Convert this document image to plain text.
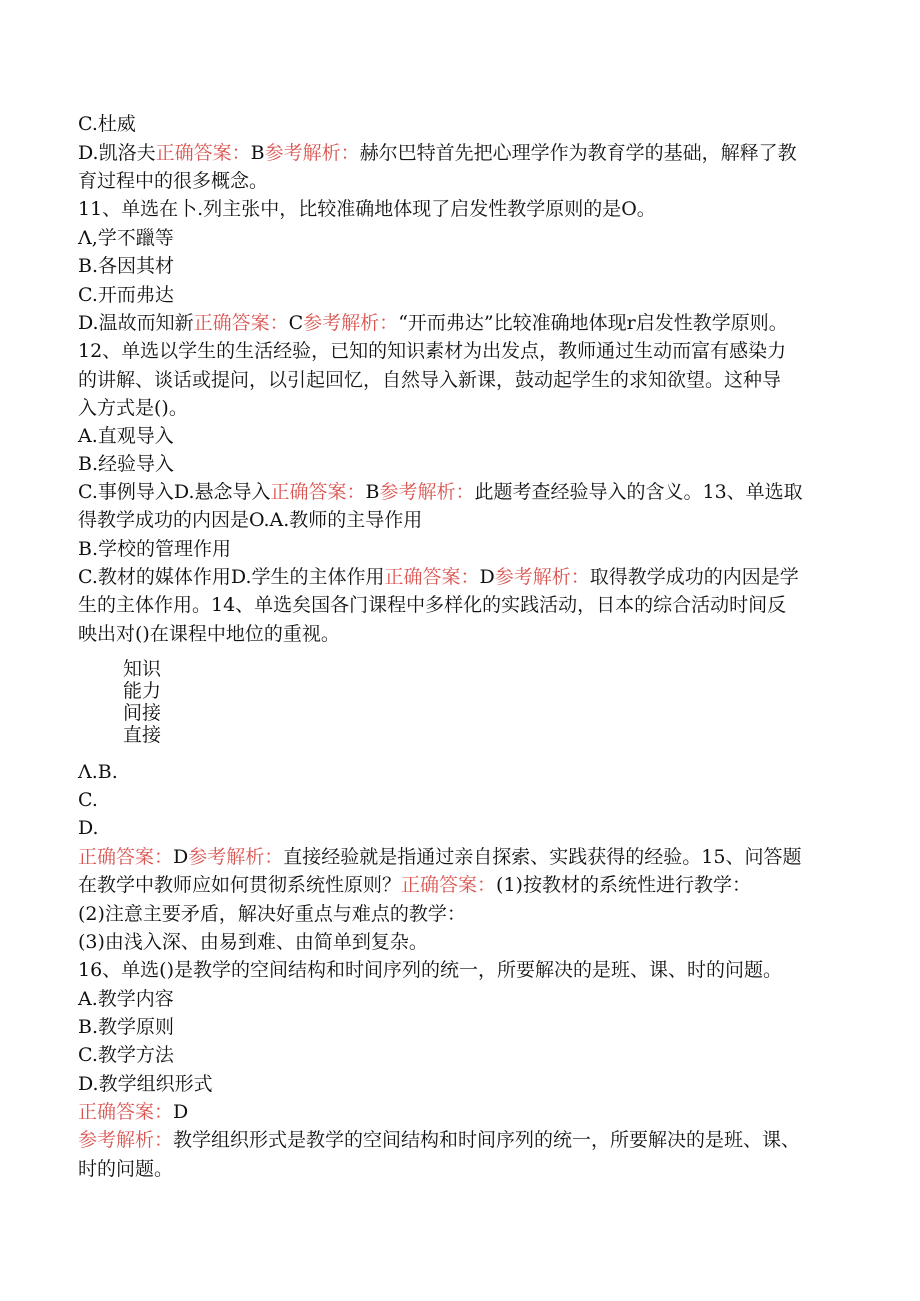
C.杜威
D.凯洛夫正确答案：B参考解析：赫尔巴特首先把心理学作为教育学的基础，解释了教
育过程中的很多概念。
11、单选在卜.列主张中，比较准确地体现了启发性教学原则的是O。
Λ,学不躐等
B.各因其材
C.开而弗达
D.温故而知新正确答案：C参考解析：“开而弗达”比较准确地体现r启发性教学原则。
12、单选以学生的生活经验，已知的知识素材为出发点，教师通过生动而富有感染力
的讲解、谈话或提问，以引起回忆，自然导入新课，鼓动起学生的求知欲望。这种导
入方式是()。
A.直观导入
B.经验导入
C.事例导入D.悬念导入正确答案：B参考解析：此题考查经验导入的含义。13、单选取
得教学成功的内因是O.A.教师的主导作用
B.学校的管理作用
C.教材的媒体作用D.学生的主体作用正确答案：D参考解析：取得教学成功的内因是学
生的主体作用。14、单选矣国各门课程中多样化的实践活动，日本的综合活动时间反
映出对()在课程中地位的重视。
知识
能力
间接
直接
Λ.B.
C.
D.
正确答案：D参考解析：直接经验就是指通过亲自探索、实践获得的经验。15、问答题
在教学中教师应如何贯彻系统性原则？正确答案：(1)按教材的系统性进行教学：
(2)注意主要矛盾，解决好重点与难点的教学：
(3)由浅入深、由易到难、由简单到复杂。
16、单选()是教学的空间结构和时间序列的统一，所要解决的是班、课、时的问题。
A.教学内容
B.教学原则
C.教学方法
D.教学组织形式
正确答案：D
参考解析：教学组织形式是教学的空间结构和时间序列的统一，所要解决的是班、课、
时的问题。
